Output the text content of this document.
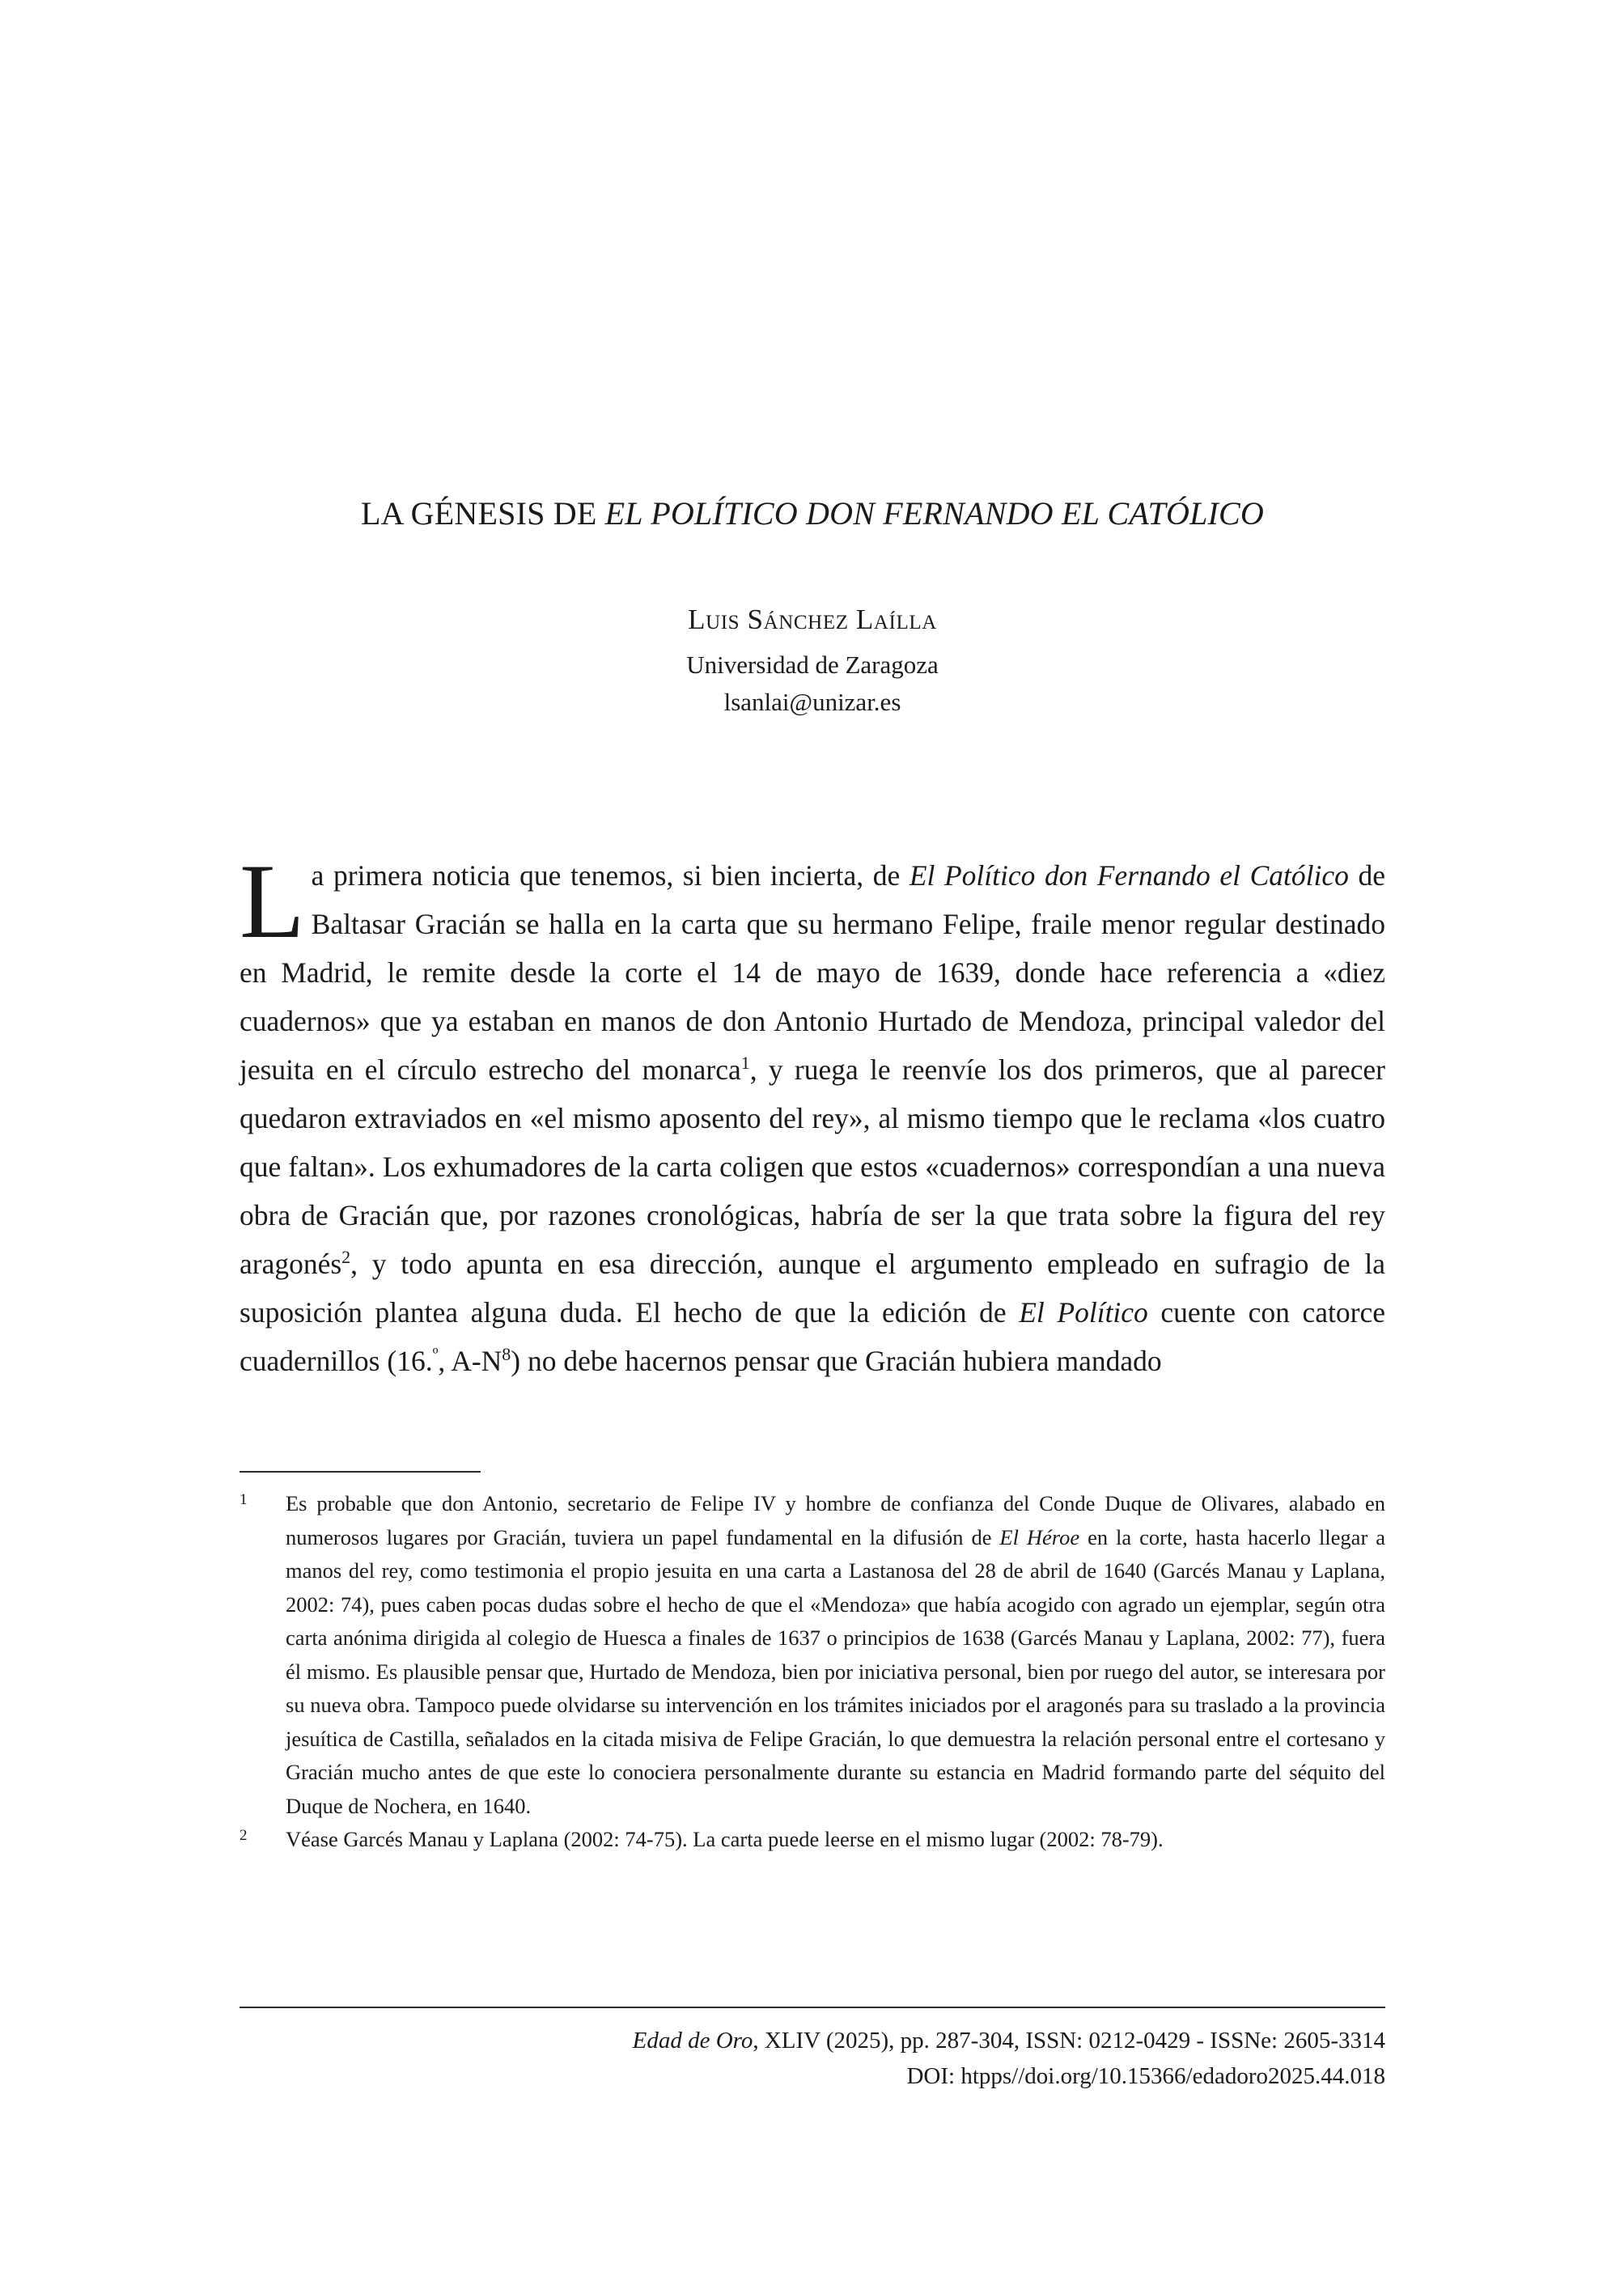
LA GÉNESIS DE EL POLÍTICO DON FERNANDO EL CATÓLICO
Luis Sánchez Laílla
Universidad de Zaragoza
lsanlai@unizar.es

La primera noticia que tenemos, si bien incierta, de El Político don Fernando el Católico de Baltasar Gracián se halla en la carta que su hermano Felipe, fraile menor regular destinado en Madrid, le remite desde la corte el 14 de mayo de 1639, donde hace referencia a «diez cuadernos» que ya estaban en manos de don Antonio Hurtado de Mendoza, principal valedor del jesuita en el círculo estrecho del monarca$^1$, y ruega le reenvíe los dos primeros, que al parecer quedaron extraviados en «el mismo aposento del rey», al mismo tiempo que le reclama «los cuatro que faltan». Los exhumadores de la carta coligen que estos «cuadernos» correspondían a una nueva obra de Gracián que, por razones cronológicas, habría de ser la que trata sobre la figura del rey aragonés$^2$, y todo apunta en esa dirección, aunque el argumento empleado en sufragio de la suposición plantea alguna duda. El hecho de que la edición de El Político cuente con catorce cuadernillos (16.$^º$, $A-N^8$) no debe hacernos pensar que Gracián hubiera mandado

1	Es probable que don Antonio, secretario de Felipe IV y hombre de confianza del Conde Duque de Olivares, alabado en numerosos lugares por Gracián, tuviera un papel fundamental en la difusión de El Héroe en la corte, hasta hacerlo llegar a manos del rey, como testimonia el propio jesuita en una carta a Lastanosa del 28 de abril de 1640 (Garcés Manau y Laplana, 2002: 74), pues caben pocas dudas sobre el hecho de que el «Mendoza» que había acogido con agrado un ejemplar, según otra carta anónima dirigida al colegio de Huesca a finales de 1637 o principios de 1638 (Garcés Manau y Laplana, 2002: 77), fuera él mismo. Es plausible pensar que, Hurtado de Mendoza, bien por iniciativa personal, bien por ruego del autor, se interesara por su nueva obra. Tampoco puede olvidarse su intervención en los trámites iniciados por el aragonés para su traslado a la provincia jesuítica de Castilla, señalados en la citada misiva de Felipe Gracián, lo que demuestra la relación personal entre el cortesano y Gracián mucho antes de que este lo conociera personalmente durante su estancia en Madrid formando parte del séquito del Duque de Nochera, en 1640.

2	Véase Garcés Manau y Laplana (2002: 74-75). La carta puede leerse en el mismo lugar (2002: 78-79).

Edad de Oro, XLIV (2025), pp. 287-304, ISSN: 0212-0429 - ISSNe: 2605-3314
DOI: htpps//doi.org/10.15366/edadoro2025.44.018
